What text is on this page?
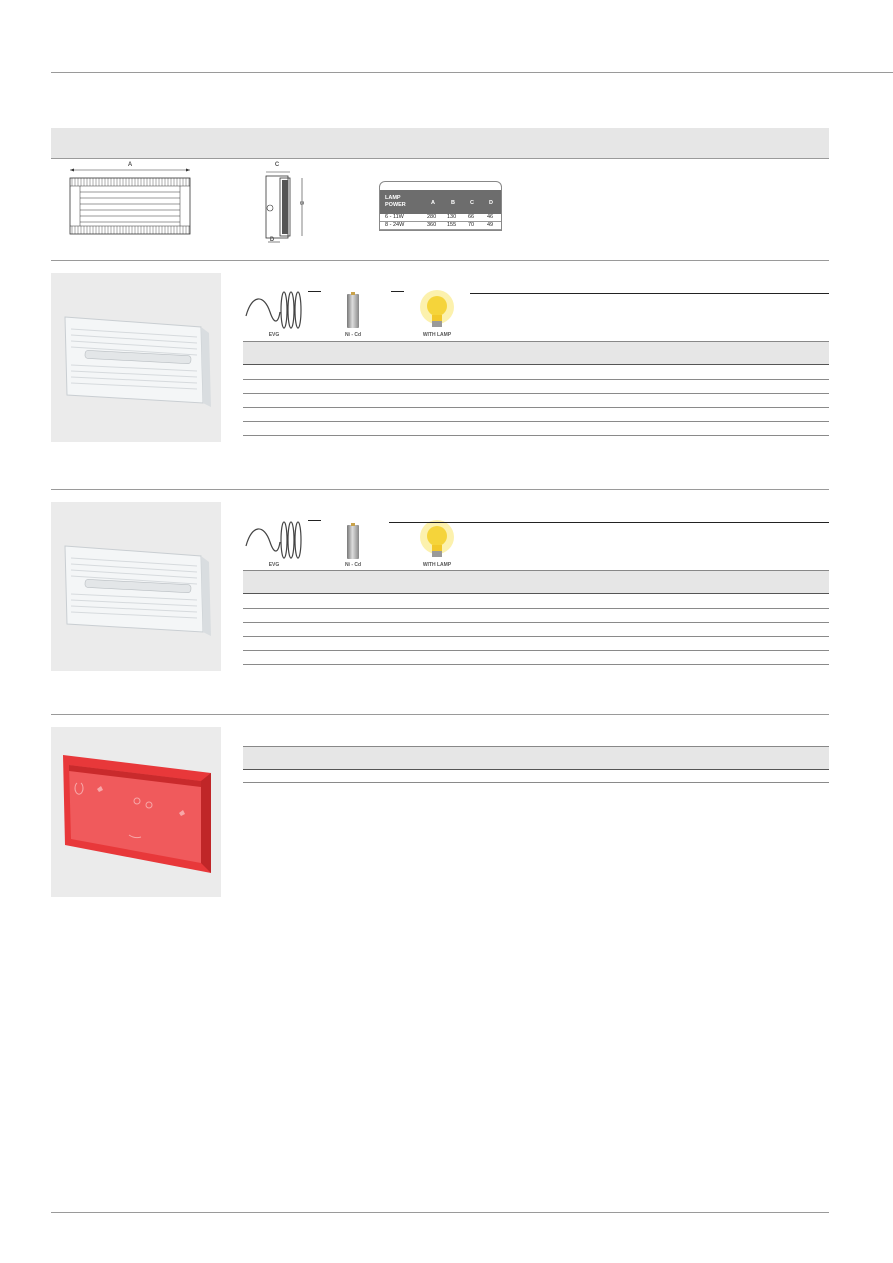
A	C
B
D
LAMP
POWER	A	B	C	D
6 - 11W	280 130 66 46
8 - 24W	360 155 70 49
EVG	Ni - Cd	WITH LAMP
EVG	Ni - Cd	WITH LAMP
